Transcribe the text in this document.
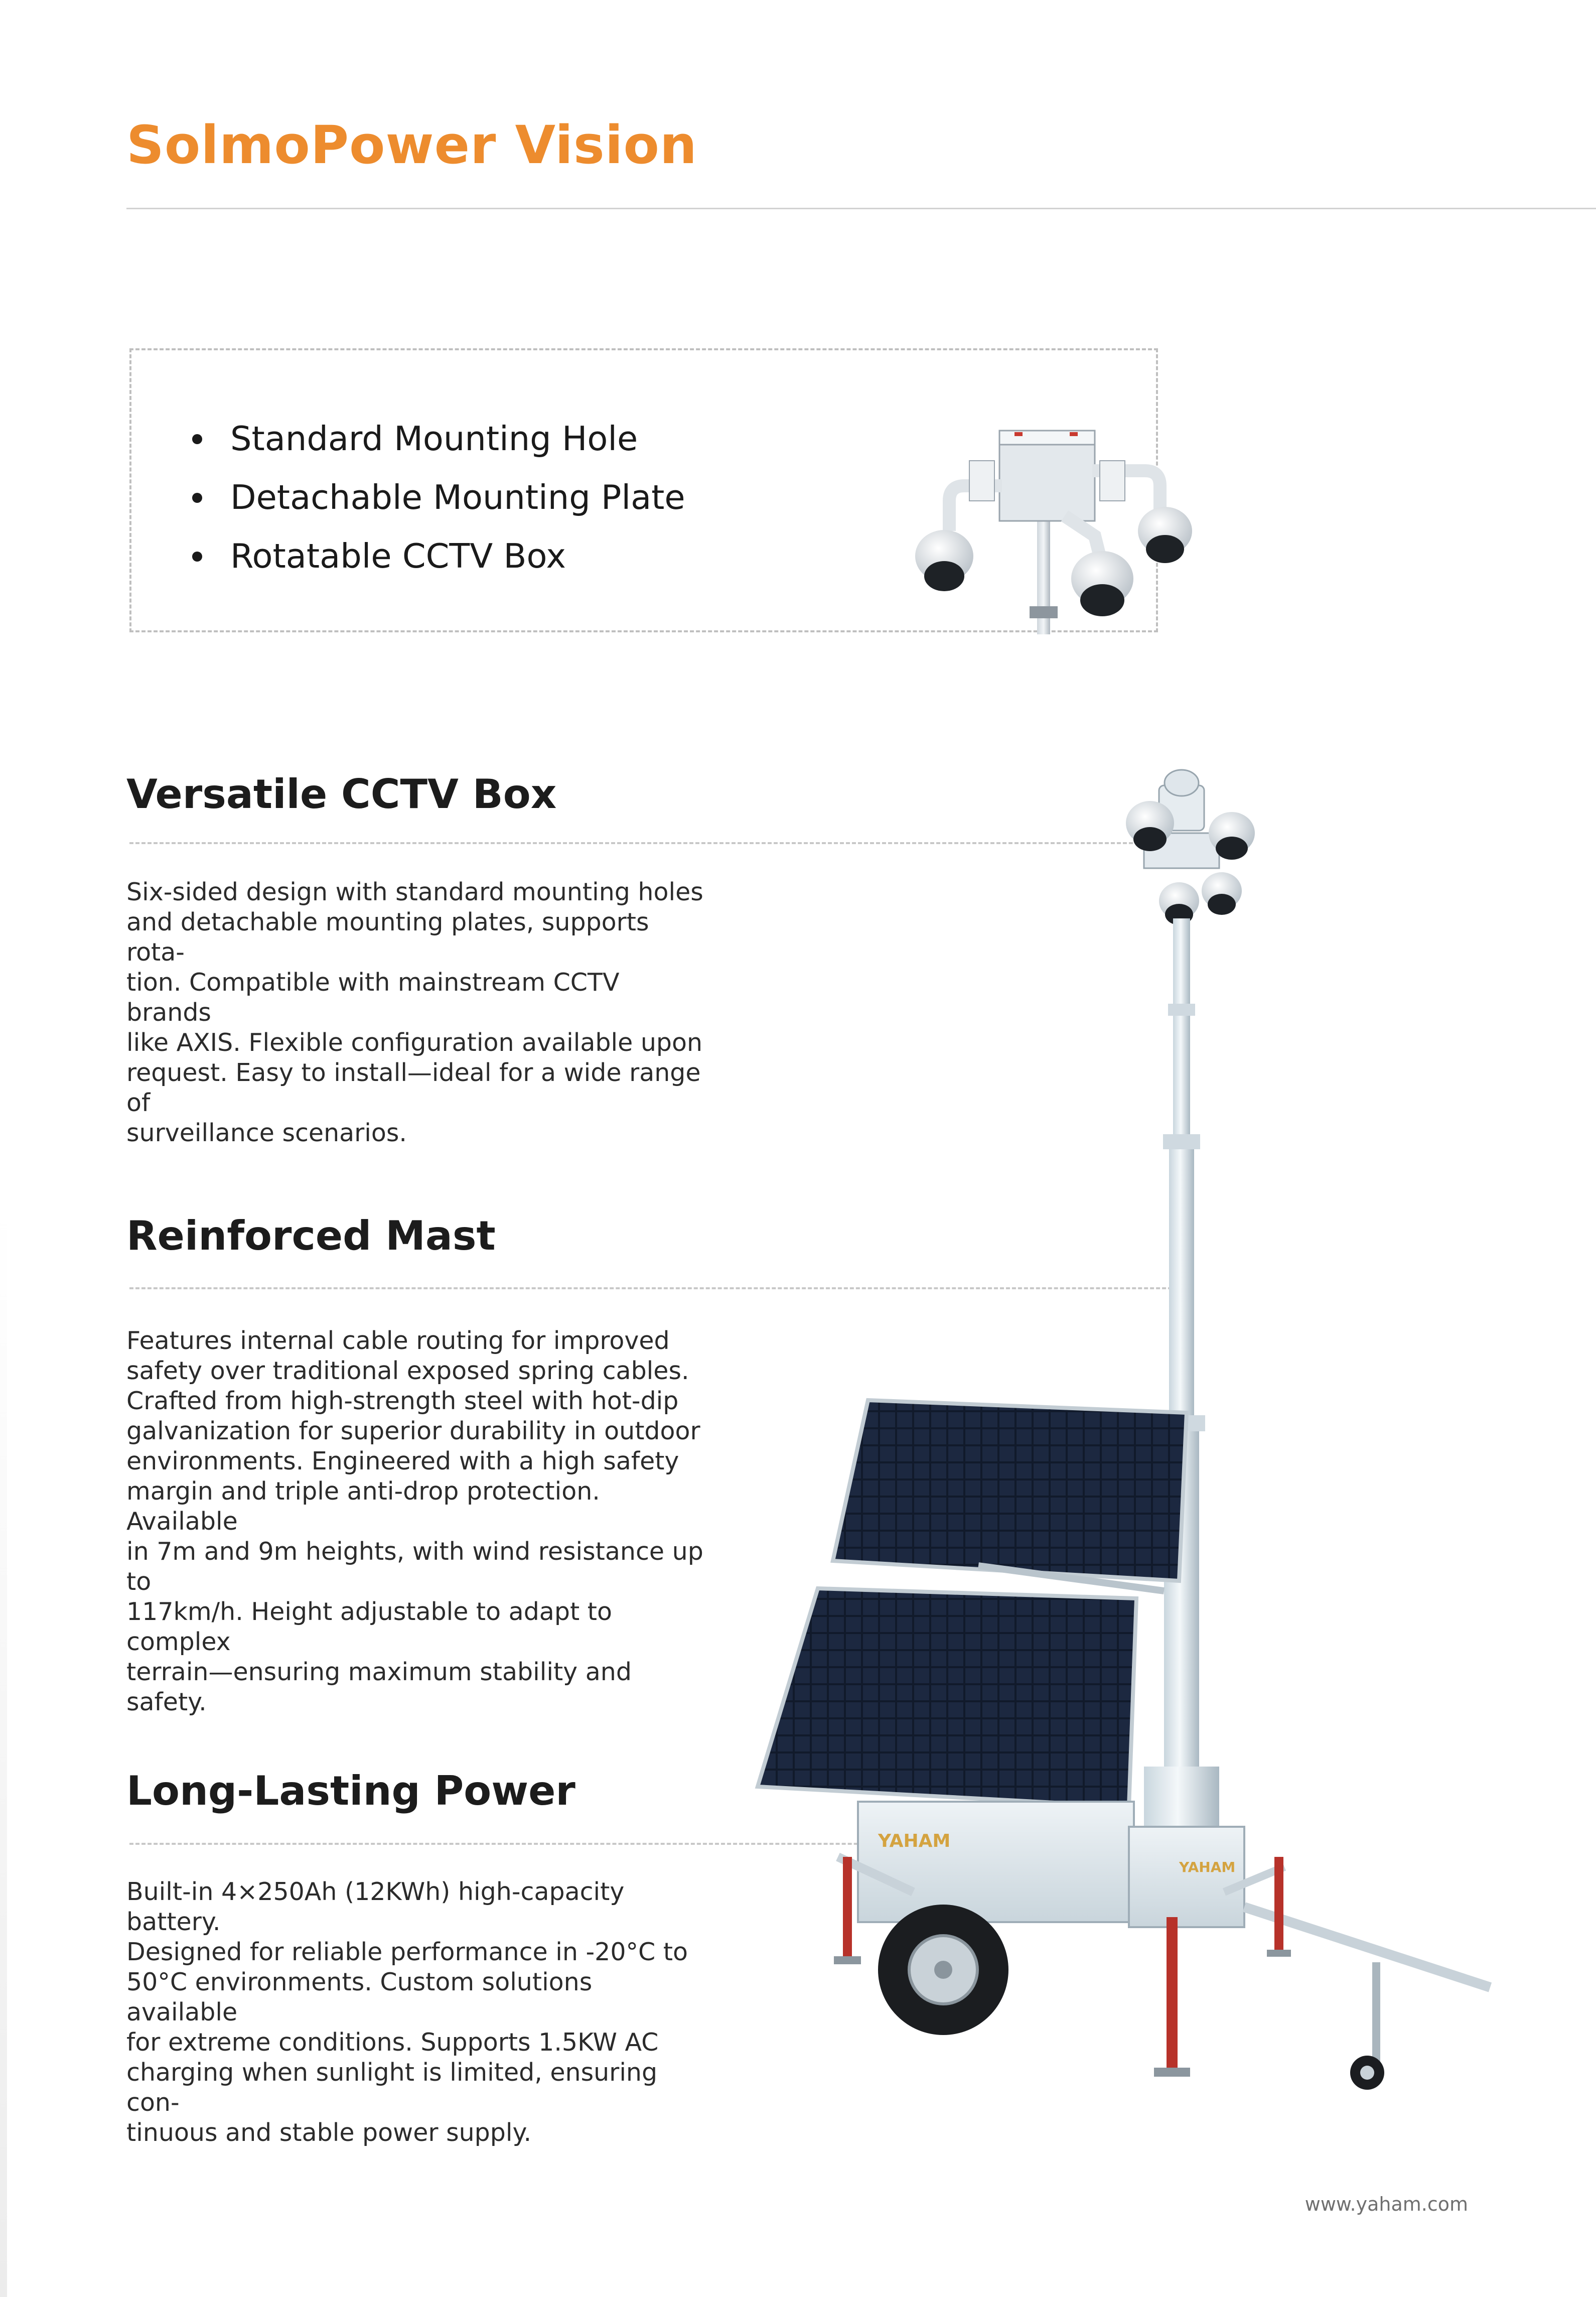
SolmoPower Vision
Standard Mounting Hole
Detachable Mounting Plate
Rotatable CCTV Box
Versatile CCTV Box
Six-sided design with standard mounting holes
and detachable mounting plates, supports rota-
tion. Compatible with mainstream CCTV brands
like AXIS. Flexible configuration available upon
request. Easy to install—ideal for a wide range of
surveillance scenarios.
Reinforced Mast
Features internal cable routing for improved
safety over traditional exposed spring cables.
Crafted from high-strength steel with hot-dip
galvanization for superior durability in outdoor
environments. Engineered with a high safety
margin and triple anti-drop protection. Available
in 7m and 9m heights, with wind resistance up to
117km/h. Height adjustable to adapt to complex
terrain—ensuring maximum stability and safety.
Long-Lasting Power
Built-in 4×250Ah (12KWh) high-capacity battery.
Designed for reliable performance in -20°C to
50°C environments. Custom solutions available
for extreme conditions. Supports 1.5KW AC
charging when sunlight is limited, ensuring con-
tinuous and stable power supply.
YAHAM
YAHAM
www.yaham.com
